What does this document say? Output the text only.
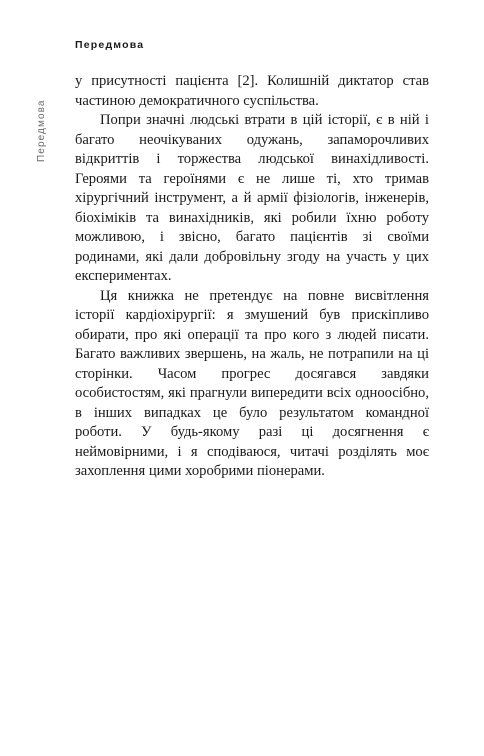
Передмова
Передмова

у присутності пацієнта [2]. Колишній диктатор став частиною демократичного суспільства.

Попри значні людські втрати в цій історії, є в ній і багато неочікуваних одужань, запаморочливих відкриттів і торжества людської винахідливості. Героями та героїнями є не лише ті, хто тримав хірургічний інструмент, а й армії фізіологів, інженерів, біохіміків та винахідників, які робили їхню роботу можливою, і звісно, багато пацієнтів зі своїми родинами, які дали добровільну згоду на участь у цих експериментах.

Ця книжка не претендує на повне висвітлення історії кардіохірургії: я змушений був прискіпливо обирати, про які операції та про кого з людей писати. Багато важливих звершень, на жаль, не потрапили на ці сторінки. Часом прогрес досягався завдяки особистостям, які прагнули випередити всіх одноосібно, в інших випадках це було результатом командної роботи. У будь-якому разі ці досягнення є неймовірними, і я сподіваюся, читачі розділять моє захоплення цими хоробрими піонерами.
